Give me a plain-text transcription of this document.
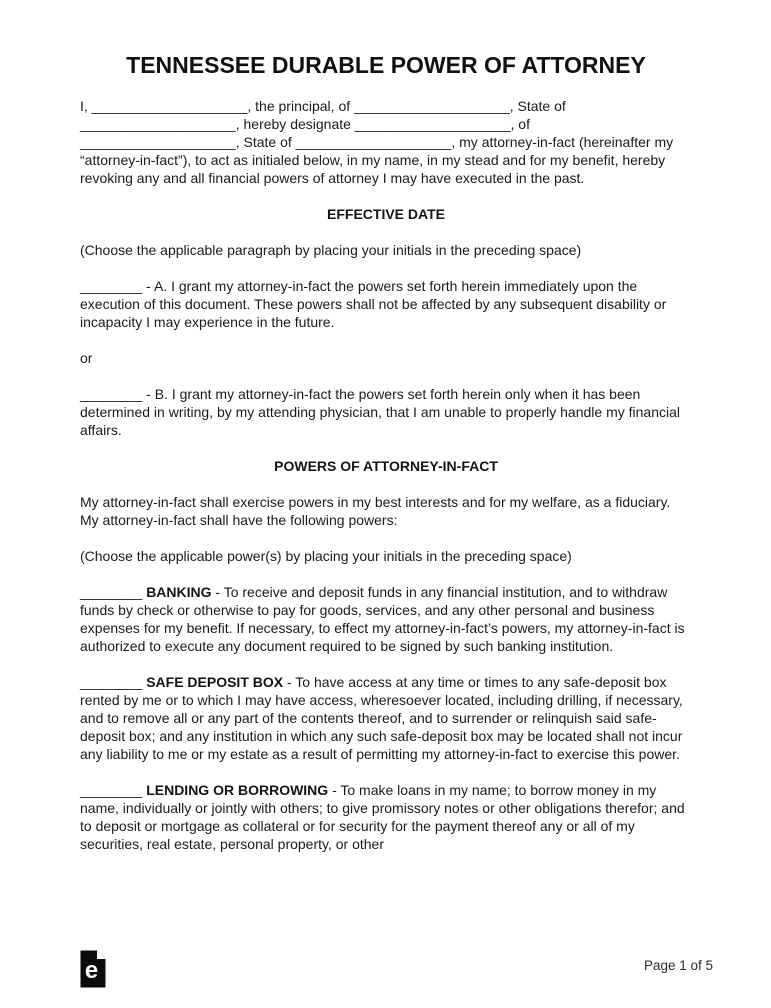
TENNESSEE DURABLE POWER OF ATTORNEY

I, ____________________, the principal, of ____________________, State of ____________________, hereby designate ____________________, of ____________________, State of ____________________, my attorney-in-fact (hereinafter my “attorney-in-fact”), to act as initialed below, in my name, in my stead and for my benefit, hereby revoking any and all financial powers of attorney I may have executed in the past.

EFFECTIVE DATE

(Choose the applicable paragraph by placing your initials in the preceding space)

________ - A. I grant my attorney-in-fact the powers set forth herein immediately upon the execution of this document. These powers shall not be affected by any subsequent disability or incapacity I may experience in the future.

or

________ - B. I grant my attorney-in-fact the powers set forth herein only when it has been determined in writing, by my attending physician, that I am unable to properly handle my financial affairs.

POWERS OF ATTORNEY-IN-FACT

My attorney-in-fact shall exercise powers in my best interests and for my welfare, as a fiduciary. My attorney-in-fact shall have the following powers:

(Choose the applicable power(s) by placing your initials in the preceding space)

________ BANKING - To receive and deposit funds in any financial institution, and to withdraw funds by check or otherwise to pay for goods, services, and any other personal and business expenses for my benefit. If necessary, to effect my attorney-in-fact’s powers, my attorney-in-fact is authorized to execute any document required to be signed by such banking institution.

________ SAFE DEPOSIT BOX - To have access at any time or times to any safe-deposit box rented by me or to which I may have access, wheresoever located, including drilling, if necessary, and to remove all or any part of the contents thereof, and to surrender or relinquish said safe-deposit box; and any institution in which any such safe-deposit box may be located shall not incur any liability to me or my estate as a result of permitting my attorney-in-fact to exercise this power.

________ LENDING OR BORROWING - To make loans in my name; to borrow money in my name, individually or jointly with others; to give promissory notes or other obligations therefor; and to deposit or mortgage as collateral or for security for the payment thereof any or all of my securities, real estate, personal property, or other

e	Page 1 of 5
